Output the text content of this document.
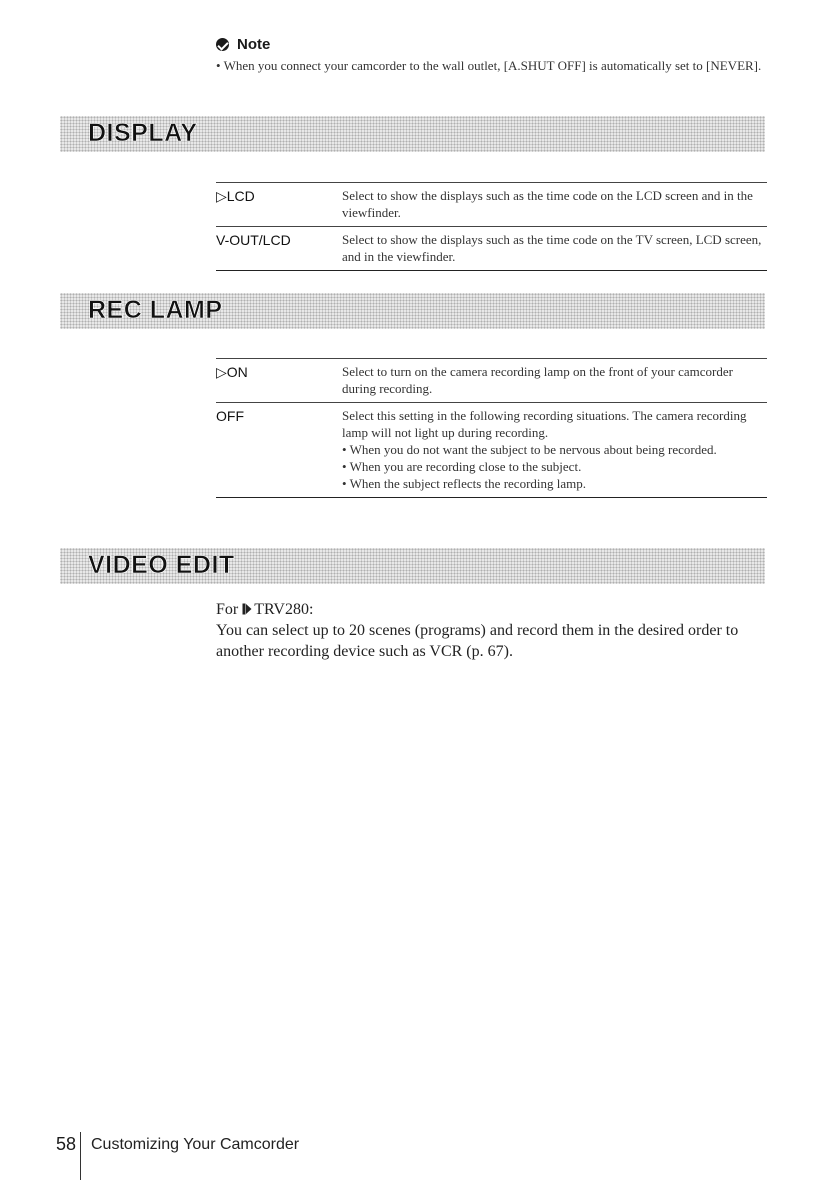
Note
• When you connect your camcorder to the wall outlet, [A.SHUT OFF] is automatically set to [NEVER].
DISPLAY
▷LCD	Select to show the displays such as the time code on the LCD screen and in the viewfinder.
V-OUT/LCD	Select to show the displays such as the time code on the TV screen, LCD screen, and in the viewfinder.
REC LAMP
▷ON	Select to turn on the camera recording lamp on the front of your camcorder during recording.
OFF	Select this setting in the following recording situations. The camera recording lamp will not light up during recording.
• When you do not want the subject to be nervous about being recorded.
• When you are recording close to the subject.
• When the subject reflects the recording lamp.
VIDEO EDIT
For TRV280:
You can select up to 20 scenes (programs) and record them in the desired order to another recording device such as VCR (p. 67).
58 Customizing Your Camcorder
